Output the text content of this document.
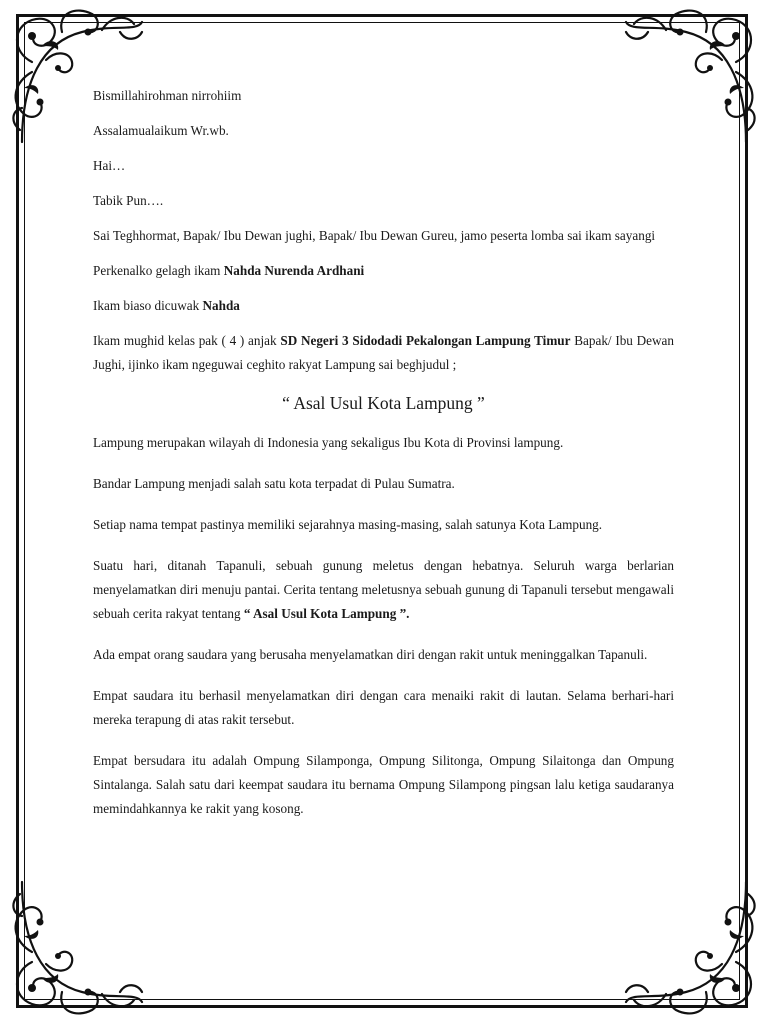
Bismillahirohman nirrohiim

Assalamualaikum Wr.wb.

Hai…

Tabik Pun….

Sai Teghhormat, Bapak/ Ibu Dewan jughi, Bapak/ Ibu Dewan Gureu, jamo peserta lomba sai ikam sayangi

Perkenalko gelagh ikam Nahda Nurenda Ardhani

Ikam biaso dicuwak Nahda

Ikam mughid kelas pak ( 4 ) anjak SD Negeri 3 Sidodadi Pekalongan Lampung Timur Bapak/ Ibu Dewan Jughi, ijinko ikam ngeguwai ceghito rakyat Lampung sai beghjudul ;

“ Asal Usul Kota Lampung ”

Lampung merupakan wilayah di Indonesia yang sekaligus Ibu Kota di Provinsi lampung.

Bandar Lampung menjadi salah satu kota terpadat di Pulau Sumatra.

Setiap nama tempat pastinya memiliki sejarahnya masing-masing, salah satunya Kota Lampung.

Suatu hari, ditanah Tapanuli, sebuah gunung meletus dengan hebatnya. Seluruh warga berlarian menyelamatkan diri menuju pantai. Cerita tentang meletusnya sebuah gunung di Tapanuli tersebut mengawali sebuah cerita rakyat tentang “ Asal Usul Kota Lampung ”.

Ada empat orang saudara yang berusaha menyelamatkan diri dengan rakit untuk meninggalkan Tapanuli.

Empat saudara itu berhasil menyelamatkan diri dengan cara menaiki rakit di lautan. Selama berhari-hari mereka terapung di atas rakit tersebut.

Empat bersudara itu adalah Ompung Silamponga, Ompung Silitonga, Ompung Silaitonga dan Ompung Sintalanga. Salah satu dari keempat saudara itu bernama Ompung Silampong pingsan lalu ketiga saudaranya memindahkannya ke rakit yang kosong.
